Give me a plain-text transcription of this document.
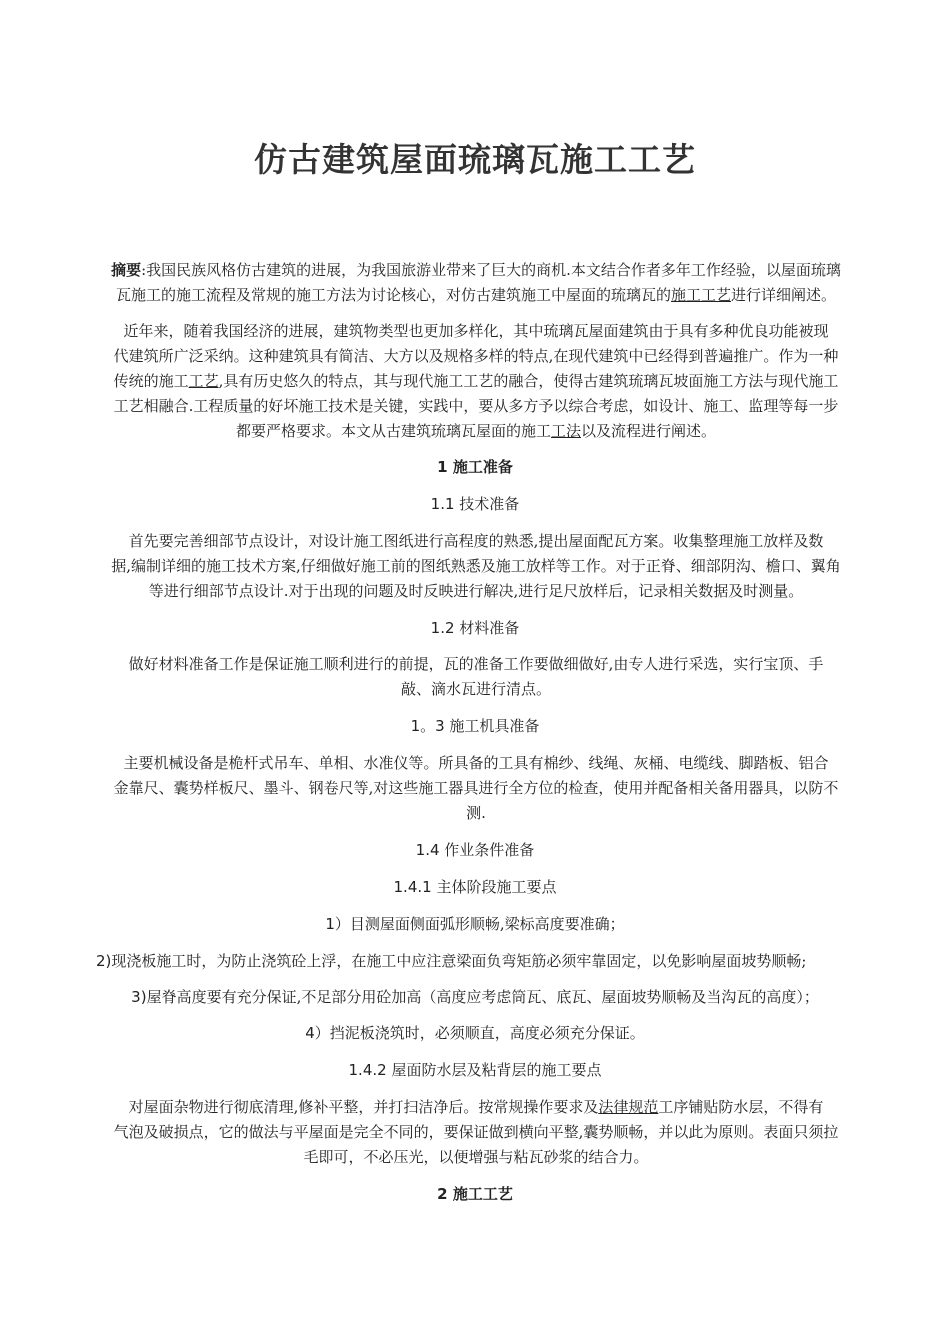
仿古建筑屋面琉璃瓦施工工艺
摘要:我国民族风格仿古建筑的进展，为我国旅游业带来了巨大的商机.本文结合作者多年工作经验，以屋面琉璃
瓦施工的施工流程及常规的施工方法为讨论核心，对仿古建筑施工中屋面的琉璃瓦的施工工艺进行详细阐述。
近年来，随着我国经济的进展，建筑物类型也更加多样化，其中琉璃瓦屋面建筑由于具有多种优良功能被现
代建筑所广泛采纳。这种建筑具有简洁、大方以及规格多样的特点,在现代建筑中已经得到普遍推广。作为一种
传统的施工工艺,具有历史悠久的特点，其与现代施工工艺的融合，使得古建筑琉璃瓦坡面施工方法与现代施工
工艺相融合.工程质量的好坏施工技术是关键，实践中，要从多方予以综合考虑，如设计、施工、监理等每一步
都要严格要求。本文从古建筑琉璃瓦屋面的施工工法以及流程进行阐述。
1 施工准备
1.1 技术准备
首先要完善细部节点设计，对设计施工图纸进行高程度的熟悉,提出屋面配瓦方案。收集整理施工放样及数
据,编制详细的施工技术方案,仔细做好施工前的图纸熟悉及施工放样等工作。对于正脊、细部阴沟、檐口、翼角
等进行细部节点设计.对于出现的问题及时反映进行解决,进行足尺放样后，记录相关数据及时测量。
1.2 材料准备
做好材料准备工作是保证施工顺利进行的前提，瓦的准备工作要做细做好,由专人进行采选，实行宝顶、手
敲、滴水瓦进行清点。
1。3 施工机具准备
主要机械设备是桅杆式吊车、单相、水准仪等。所具备的工具有棉纱、线绳、灰桶、电缆线、脚踏板、铝合
金靠尺、囊势样板尺、墨斗、钢卷尺等,对这些施工器具进行全方位的检查，使用并配备相关备用器具，以防不
测.
1.4 作业条件准备
1.4.1 主体阶段施工要点
1）目测屋面侧面弧形顺畅,梁标高度要准确；
2)现浇板施工时，为防止浇筑砼上浮，在施工中应注意梁面负弯矩筋必须牢靠固定，以免影响屋面坡势顺畅;
3)屋脊高度要有充分保证,不足部分用砼加高（高度应考虑筒瓦、底瓦、屋面坡势顺畅及当沟瓦的高度）；
4）挡泥板浇筑时，必须顺直，高度必须充分保证。
1.4.2 屋面防水层及粘背层的施工要点
对屋面杂物进行彻底清理,修补平整，并打扫洁净后。按常规操作要求及法律规范工序铺贴防水层，不得有
气泡及破损点，它的做法与平屋面是完全不同的，要保证做到横向平整,囊势顺畅，并以此为原则。表面只须拉
毛即可，不必压光，以便增强与粘瓦砂浆的结合力。
2 施工工艺
